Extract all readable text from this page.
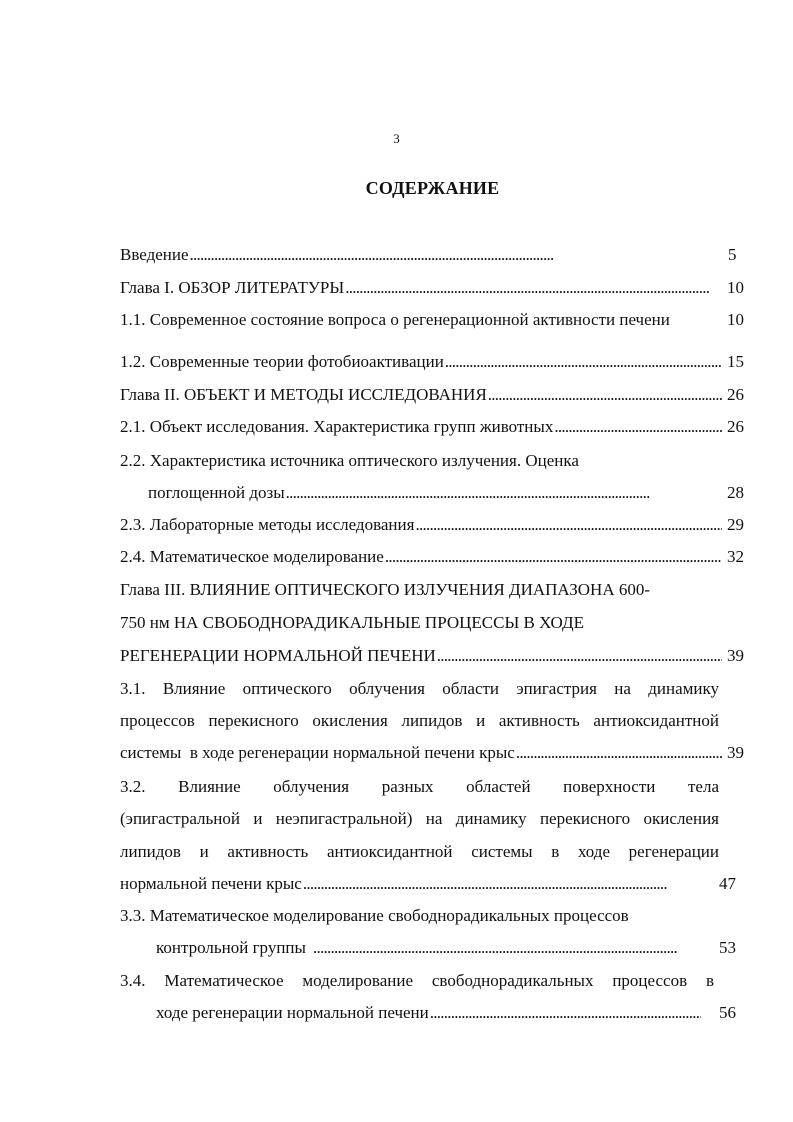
3
СОДЕРЖАНИЕ
Введение . . .	5
Глава I. ОБЗОР ЛИТЕРАТУРЫ . . .	10
1.1. Современное состояние вопроса о регенерационной активности печени	10
1.2. Современные теории фотобиоактивации . . .	15
Глава II. ОБЪЕКТ И МЕТОДЫ ИССЛЕДОВАНИЯ . . .	26
2.1. Объект исследования. Характеристика групп животных . . .	26
2.2. Характеристика источника оптического излучения. Оценка
поглощенной дозы . . .	28
2.3. Лабораторные методы исследования . . .	29
2.4. Математическое моделирование . . .	32
Глава III. ВЛИЯНИЕ ОПТИЧЕСКОГО ИЗЛУЧЕНИЯ ДИАПАЗОНА 600-
750 нм НА СВОБОДНОРАДИКАЛЬНЫЕ ПРОЦЕССЫ В ХОДЕ
РЕГЕНЕРАЦИИ НОРМАЛЬНОЙ ПЕЧЕНИ . . .	39
3.1. Влияние оптического облучения области эпигастрия на динамику
процессов перекисного окисления липидов и активность антиоксидантной
системы  в ходе регенерации нормальной печени крыс . . .	39
3.2. Влияние облучения разных областей поверхности тела
(эпигастральной и неэпигастральной) на динамику перекисного окисления
липидов и активность антиоксидантной системы в ходе регенерации
нормальной печени крыс . . .	47
3.3. Математическое моделирование свободнорадикальных процессов
контрольной группы . . .	53
3.4. Математическое моделирование свободнорадикальных процессов в
ходе регенерации нормальной печени . . .	56
